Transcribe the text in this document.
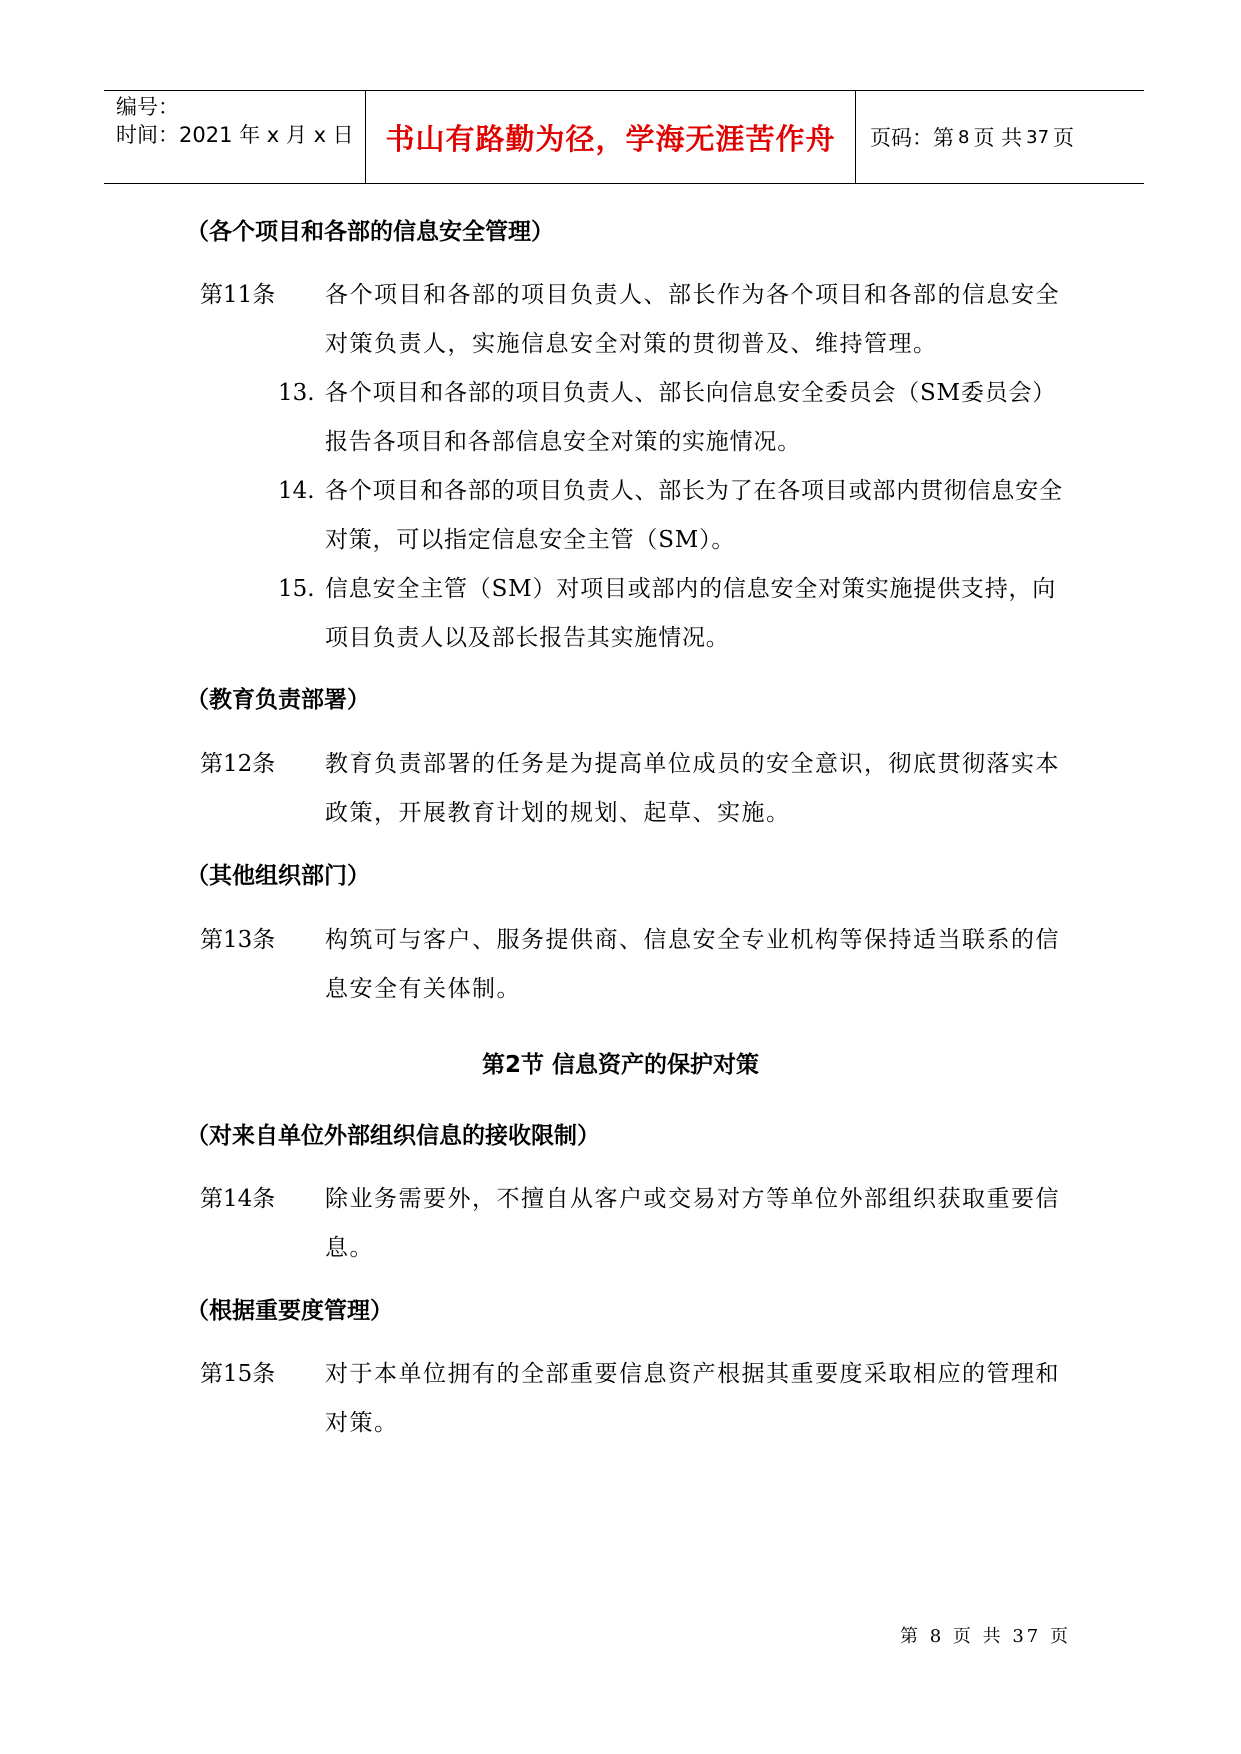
编号：
时间：2021 年 x 月 x 日	书山有路勤为径，学海无涯苦作舟	页码：第 8 页 共 37 页
（各个项目和各部的信息安全管理）
第11条	各个项目和各部的项目负责人、部长作为各个项目和各部的信息安全对策负责人，实施信息安全对策的贯彻普及、维持管理。
13. 各个项目和各部的项目负责人、部长向信息安全委员会（SM委员会）报告各项目和各部信息安全对策的实施情况。
14. 各个项目和各部的项目负责人、部长为了在各项目或部内贯彻信息安全对策，可以指定信息安全主管（SM）。
15. 信息安全主管（SM）对项目或部内的信息安全对策实施提供支持，向项目负责人以及部长报告其实施情况。
（教育负责部署）
第12条	教育负责部署的任务是为提高单位成员的安全意识，彻底贯彻落实本政策，开展教育计划的规划、起草、实施。
（其他组织部门）
第13条	构筑可与客户、服务提供商、信息安全专业机构等保持适当联系的信息安全有关体制。
第2节 信息资产的保护对策
（对来自单位外部组织信息的接收限制）
第14条	除业务需要外，不擅自从客户或交易对方等单位外部组织获取重要信息。
（根据重要度管理）
第15条	对于本单位拥有的全部重要信息资产根据其重要度采取相应的管理和对策。
第 8 页 共 37 页
